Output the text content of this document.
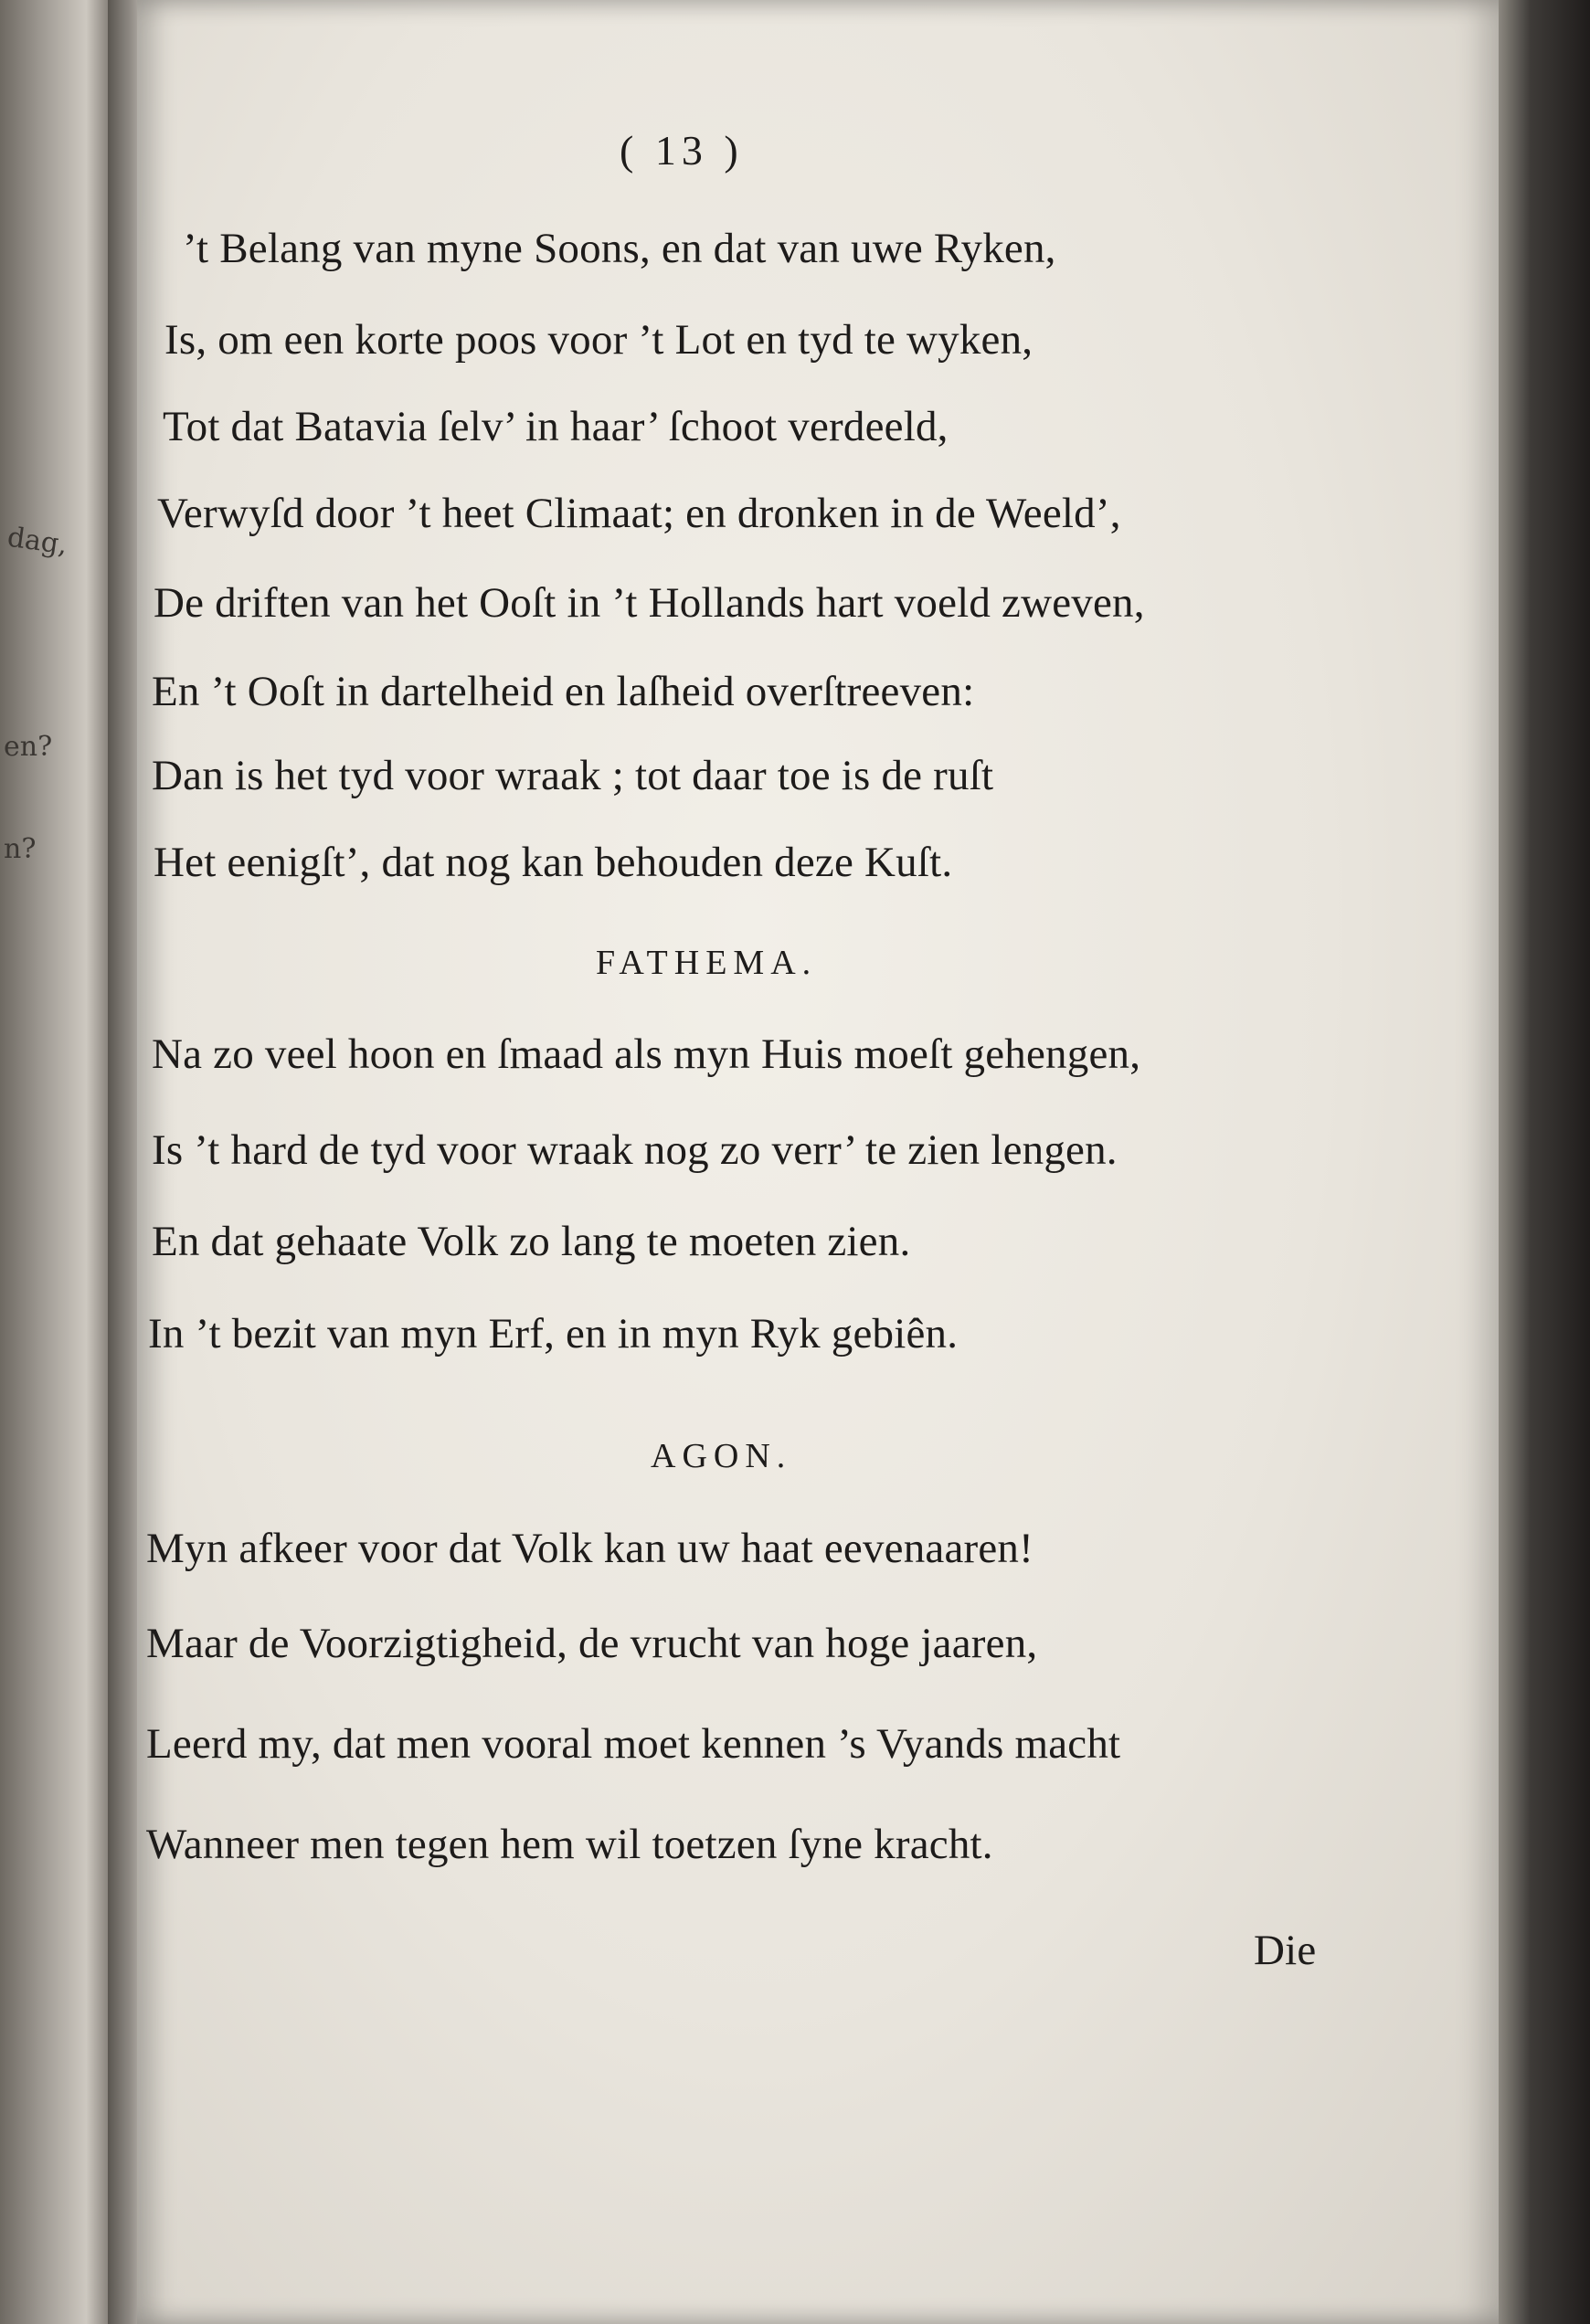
dag,
en?
n?
( 13 )
’t Belang van myne Soons, en dat van uwe Ryken,
Is, om een korte poos voor ’t Lot en tyd te wyken,
Tot dat Batavia ſelv’ in haar’ ſchoot verdeeld,
Verwyſd door ’t heet Climaat; en dronken in de Weeld’,
De driften van het Ooſt in ’t Hollands hart voeld zweven,
En ’t Ooſt in dartelheid en laſheid overſtreeven:
Dan is het tyd voor wraak ; tot daar toe is de ruſt
Het eenigſt’, dat nog kan behouden deze Kuſt.
FATHEMA.
Na zo veel hoon en ſmaad als myn Huis moeſt gehengen,
Is ’t hard de tyd voor wraak nog zo verr’ te zien lengen.
En dat gehaate Volk zo lang te moeten zien.
In ’t bezit van myn Erf, en in myn Ryk gebiên.
AGON.
Myn afkeer voor dat Volk kan uw haat eevenaaren!
Maar de Voorzigtigheid, de vrucht van hoge jaaren,
Leerd my, dat men vooral moet kennen ’s Vyands macht
Wanneer men tegen hem wil toetzen ſyne kracht.
Die
